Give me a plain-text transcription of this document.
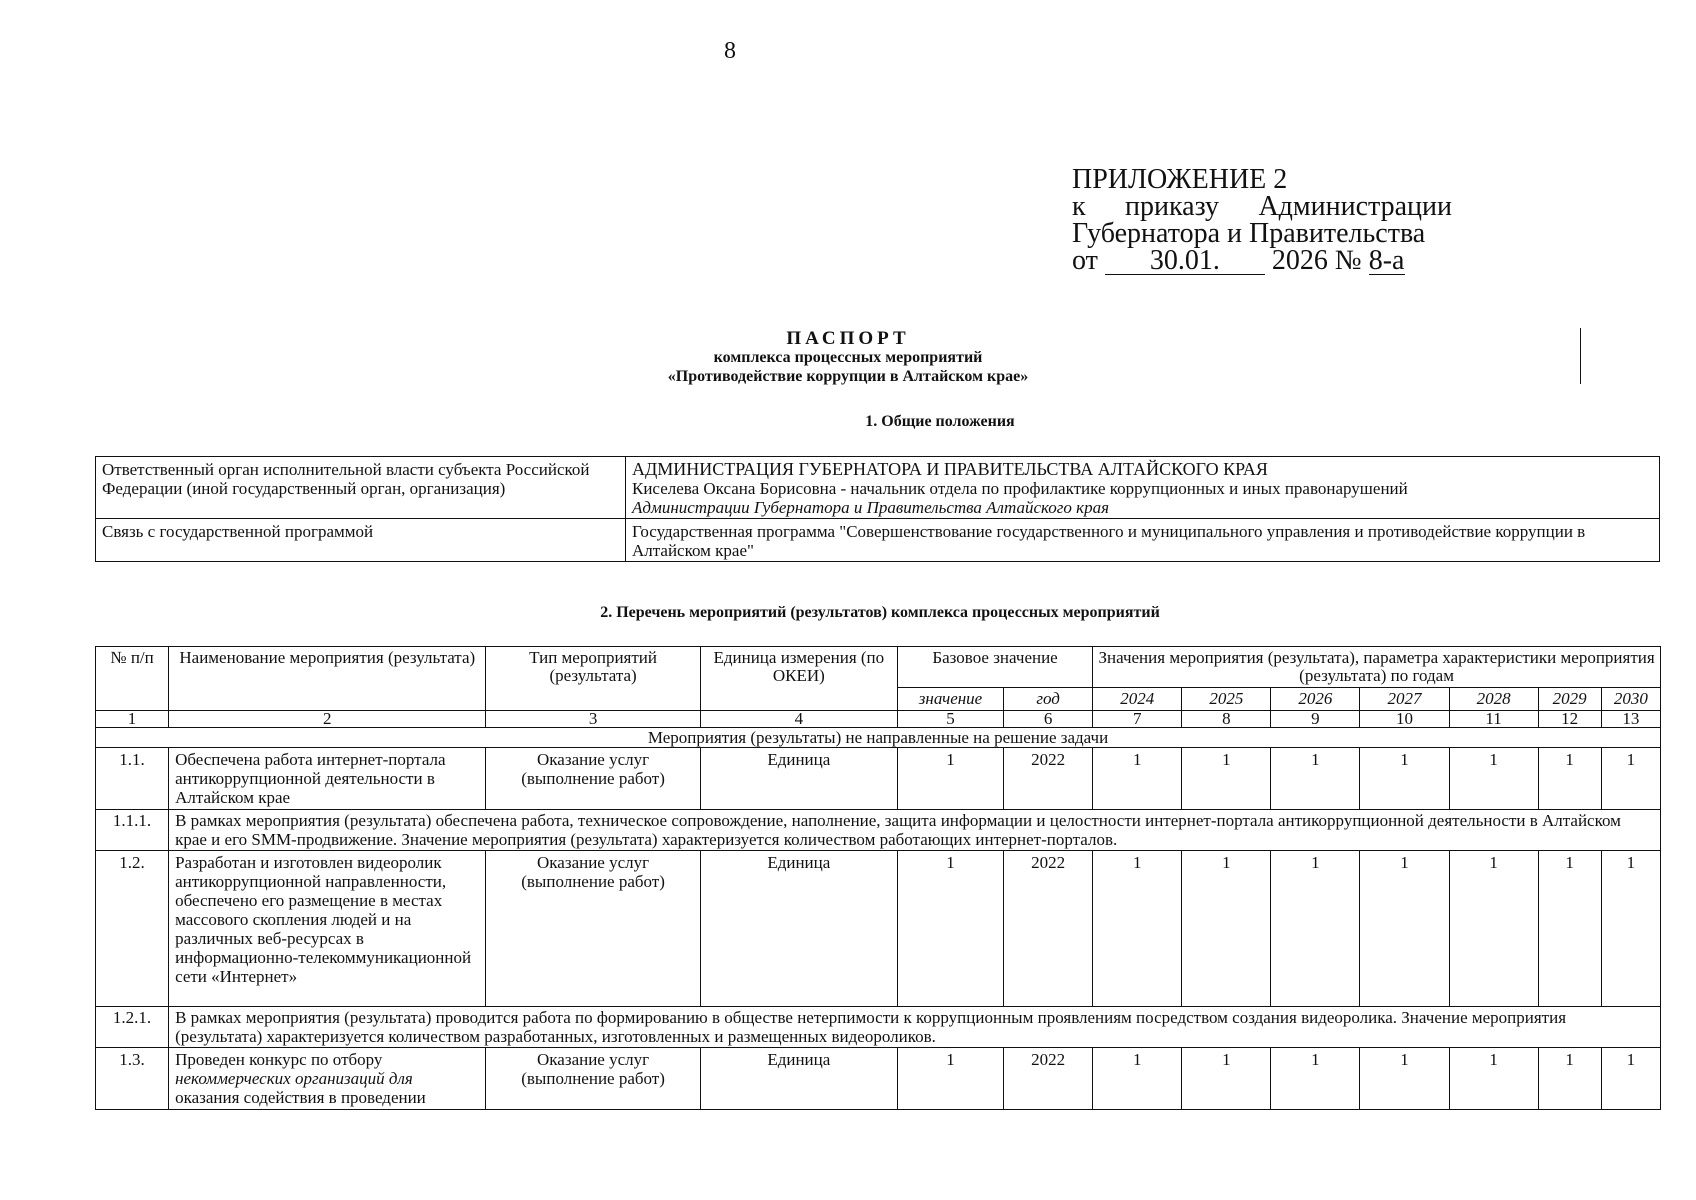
8
ПРИЛОЖЕНИЕ 2
к приказу Администрации
Губернатора и Правительства
от 30.01. 2026 № 8-а
ПАСПОРТ
комплекса процессных мероприятий
«Противодействие коррупции в Алтайском крае»
1. Общие положения
Ответственный орган исполнительной власти субъекта Российской Федерации (иной государственный орган, организация)	АДМИНИСТРАЦИЯ ГУБЕРНАТОРА И ПРАВИТЕЛЬСТВА АЛТАЙСКОГО КРАЯ
Киселева Оксана Борисовна - начальник отдела по профилактике коррупционных и иных правонарушений
Администрации Губернатора и Правительства Алтайского края

Связь с государственной программой	Государственная программа "Совершенствование государственного и муниципального управления и противодействие коррупции в Алтайском крае"
2. Перечень мероприятий (результатов) комплекса процессных мероприятий
№ п/п	Наименование мероприятия (результата)	Тип мероприятий (результата)	Единица измерения (по ОКЕИ)	Базовое значение		Значения мероприятия (результата), параметра характеристики мероприятия (результата) по годам						
				значение	год	2024	2025	2026	2027	2028	2029	2030
1	2	3	4	5	6	7	8	9	10	11	12	13
Мероприятия (результаты) не направленные на решение задачи												
1.1.	Обеспечена работа интернет-портала антикоррупционной деятельности в Алтайском крае	Оказание услуг (выполнение работ)	Единица	1	2022	1	1	1	1	1	1	1
1.1.1.	В рамках мероприятия (результата) обеспечена работа, техническое сопровождение, наполнение, защита информации и целостности интернет-портала антикоррупционной деятельности в Алтайском крае и его SMM-продвижение. Значение мероприятия (результата) характеризуется количеством работающих интернет-порталов.											
1.2.	Разработан и изготовлен видеоролик антикоррупционной направленности, обеспечено его размещение в местах массового скопления людей и на различных веб-ресурсах в информационно-телекоммуникационной сети «Интернет»	Оказание услуг (выполнение работ)	Единица	1	2022	1	1	1	1	1	1	1
1.2.1.	В рамках мероприятия (результата) проводится работа по формированию в обществе нетерпимости к коррупционным проявлениям посредством создания видеоролика. Значение мероприятия (результата) характеризуется количеством разработанных, изготовленных и размещенных видеороликов.											
1.3.	Проведен конкурс по отбору некоммерческих организаций для оказания содействия в проведении	Оказание услуг (выполнение работ)	Единица	1	2022	1	1	1	1	1	1	1
